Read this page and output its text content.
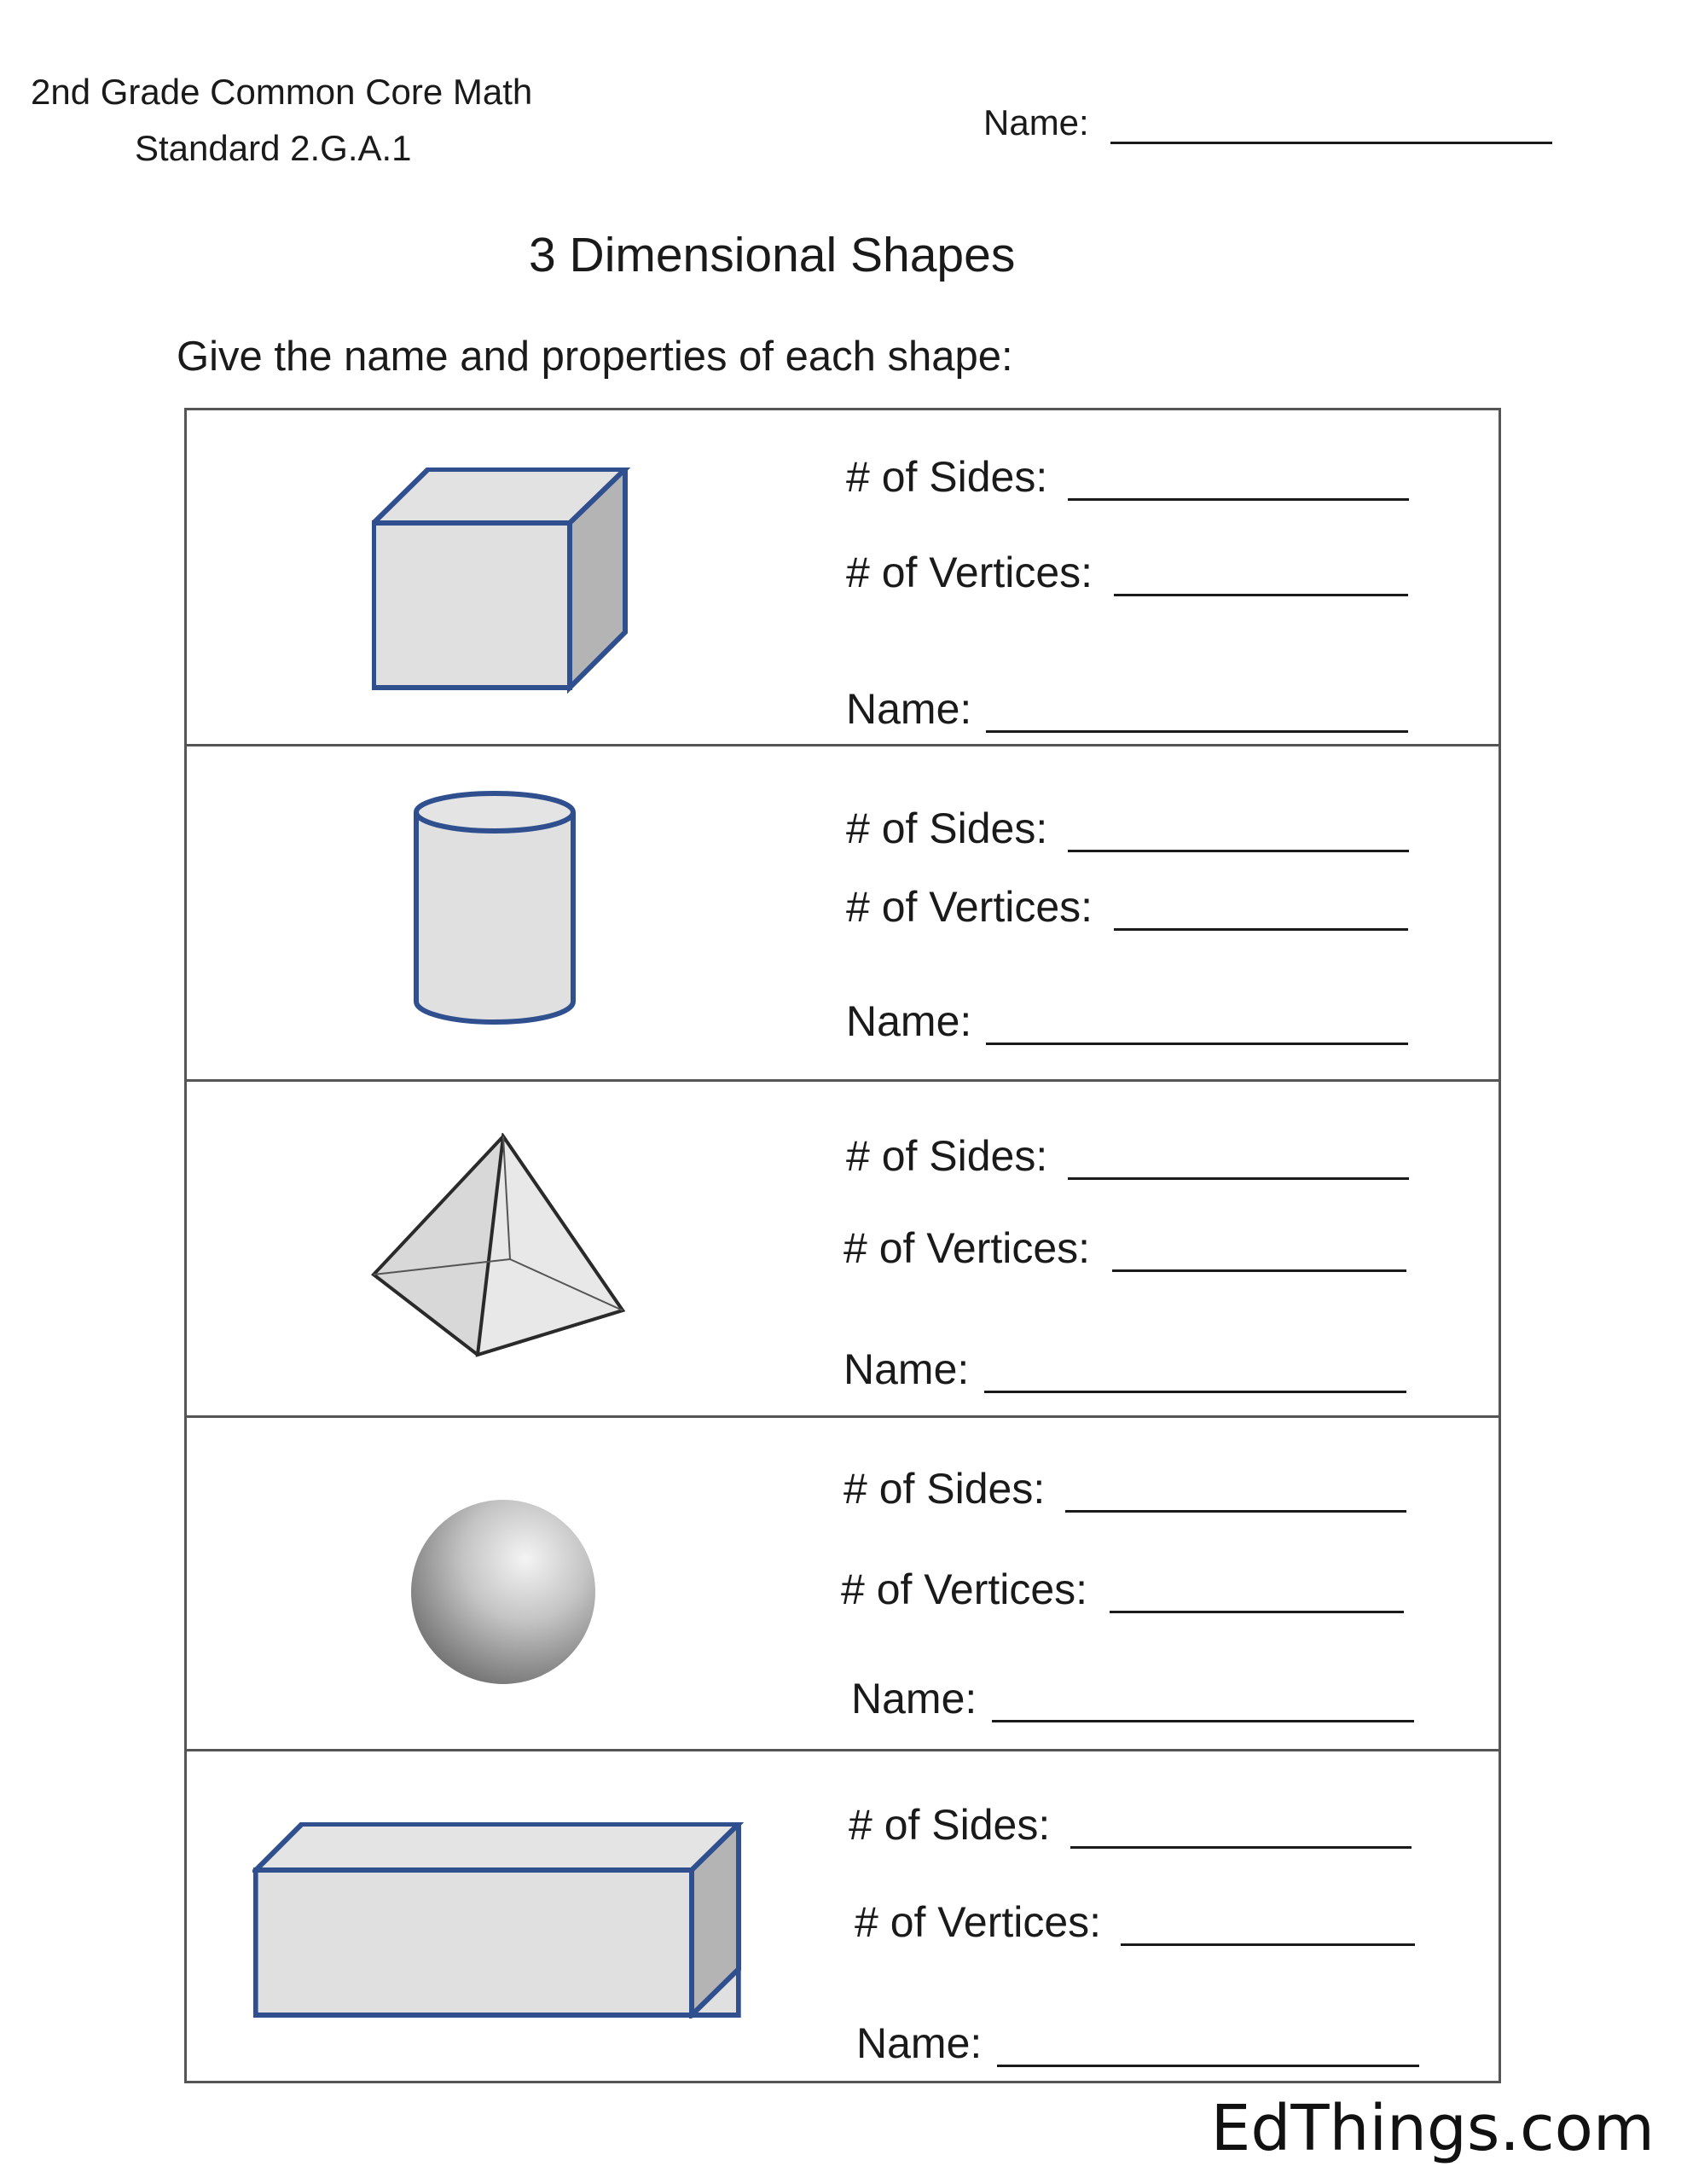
2nd Grade Common Core Math
Standard 2.G.A.1
Name:
3 Dimensional Shapes
Give the name and properties of each shape:
# of Sides:
# of Vertices:
Name:
# of Sides:
# of Vertices:
Name:
# of Sides:
# of Vertices:
Name:
# of Sides:
# of Vertices:
Name:
# of Sides:
# of Vertices:
Name:
EdThings.com
